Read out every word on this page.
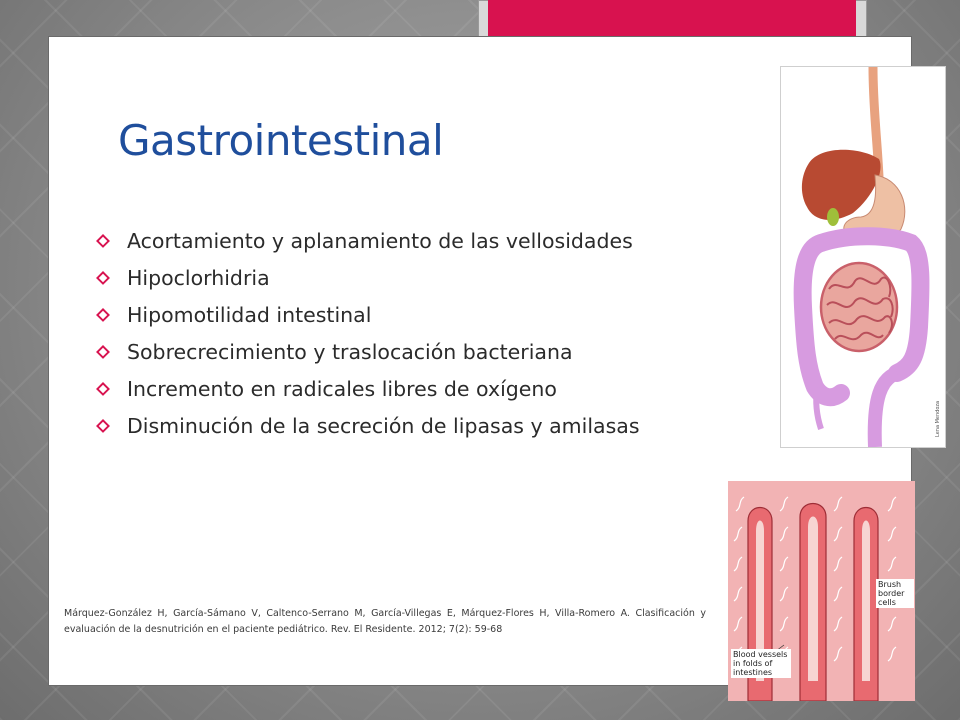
Gastrointestinal
Acortamiento y aplanamiento de las vellosidades
Hipoclorhidria
Hipomotilidad intestinal
Sobrecrecimiento y traslocación bacteriana
Incremento en radicales libres de oxígeno
Disminución de la secreción de lipasas y amilasas

Márquez-González H, García-Sámano V, Caltenco-Serrano M, García-Villegas E, Márquez-Flores H, Villa-Romero A. Clasificación y evaluación de la desnutrición en el paciente pediátrico. Rev. El Residente. 2012; 7(2): 59-68

Lena Mendoza
Brush border cells
Blood vessels in folds of intestines
